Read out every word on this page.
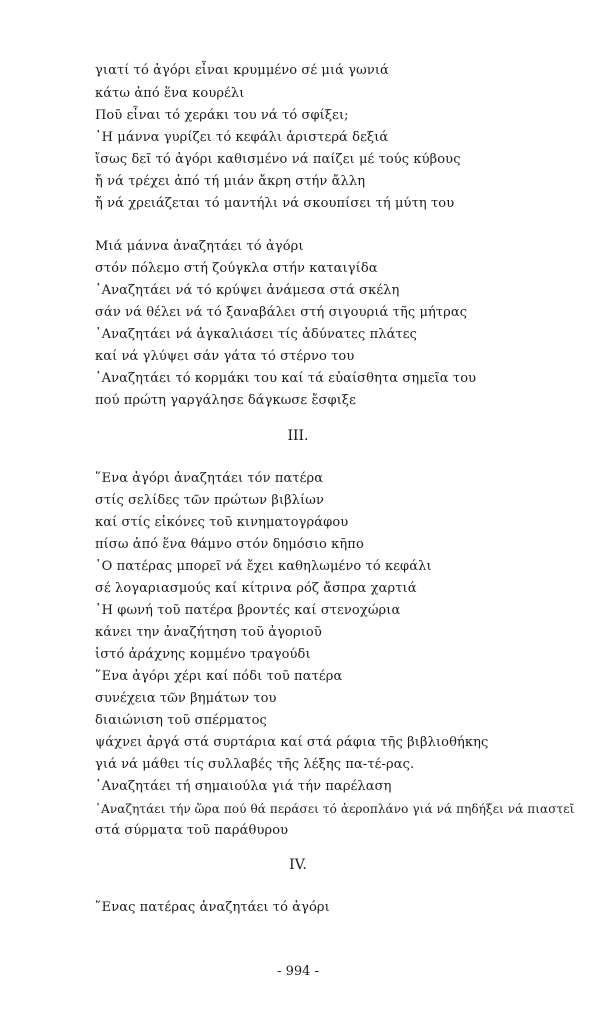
γιατί τό ἀγόρι εἶναι κρυμμένο σέ μιά γωνιά
κάτω ἀπό ἕνα κουρέλι
Ποῦ εἶναι τό χεράκι του νά τό σφίξει;
῾Η μάννα γυρίζει τό κεφάλι ἀριστερά δεξιά
ἴσως δεῖ τό ἀγόρι καθισμένο νά παίζει μέ τούς κύβους
ἤ νά τρέχει ἀπό τή μιάν ἄκρη στήν ἄλλη
ἤ νά χρειάζεται τό μαντήλι νά σκουπίσει τή μύτη του
Μιά μάννα ἀναζητάει τό ἀγόρι
στόν πόλεμο στή ζούγκλα στήν καταιγίδα
᾿Αναζητάει νά τό κρύψει ἀνάμεσα στά σκέλη
σάν νά θέλει νά τό ξαναβάλει στή σιγουριά τῆς μήτρας
᾿Αναζητάει νά ἀγκαλιάσει τίς ἀδύνατες πλάτες
καί νά γλύψει σάν γάτα τό στέρνο του
᾿Αναζητάει τό κορμάκι του καί τά εὐαίσθητα σημεῖα του
πού πρώτη γαργάλησε δάγκωσε ἔσφιξε
III.
῞Ενα ἀγόρι ἀναζητάει τόν πατέρα
στίς σελίδες τῶν πρώτων βιβλίων
καί στίς εἰκόνες τοῦ κινηματογράφου
πίσω ἀπό ἕνα θάμνο στόν δημόσιο κῆπο
῾Ο πατέρας μπορεῖ νά ἔχει καθηλωμένο τό κεφάλι
σέ λογαριασμούς καί κίτρινα ρόζ ἄσπρα χαρτιά
῾Η φωνή τοῦ πατέρα βροντές καί στενοχώρια
κάνει την ἀναζήτηση τοῦ ἀγοριοῦ
ἱστό ἀράχνης κομμένο τραγούδι
῞Ενα ἀγόρι χέρι καί πόδι τοῦ πατέρα
συνέχεια τῶν βημάτων του
διαιώνιση τοῦ σπέρματος
ψάχνει ἀργά στά συρτάρια καί στά ράφια τῆς βιβλιοθήκης
γιά νά μάθει τίς συλλαβές τῆς λέξης πα-τέ-ρας.
᾿Αναζητάει τή σημαιούλα γιά τήν παρέλαση
᾿Αναζητάει τήν ὥρα πού θά περάσει τό ἀεροπλάνο γιά νά πηδήξει νά πιαστεῖ
στά σύρματα τοῦ παράθυρου
IV.
῞Ενας πατέρας ἀναζητάει τό ἀγόρι
- 994 -
